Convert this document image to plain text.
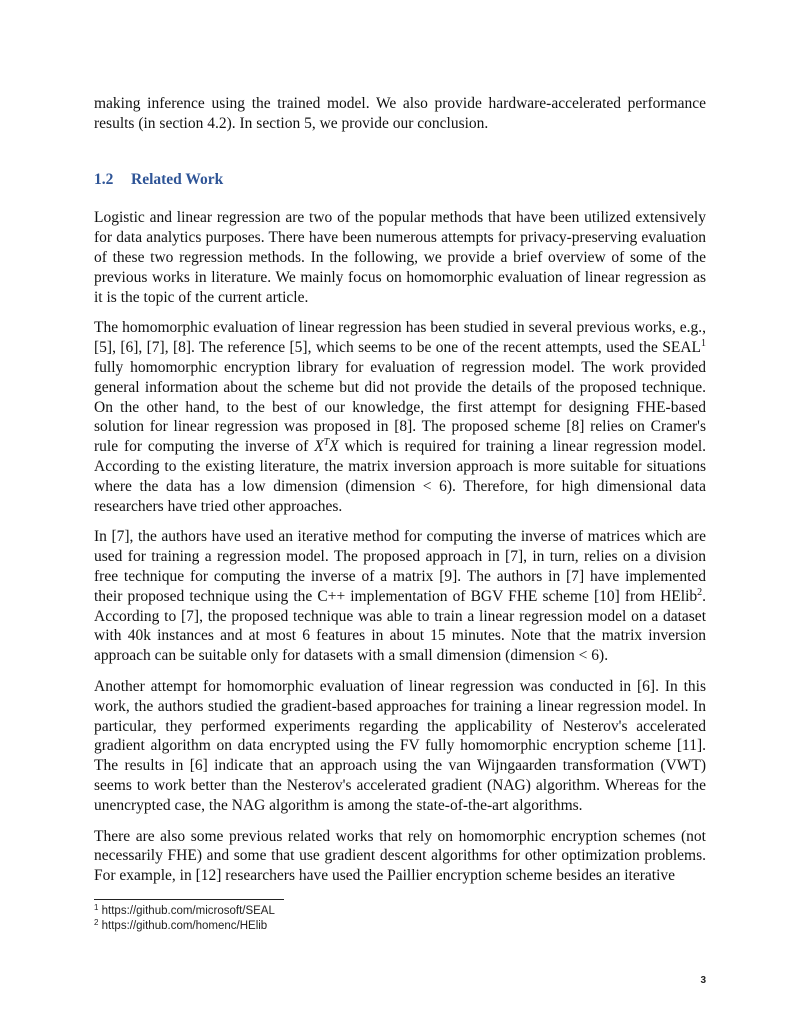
making inference using the trained model. We also provide hardware-accelerated performance results (in section 4.2). In section 5, we provide our conclusion.

1.2 Related Work

Logistic and linear regression are two of the popular methods that have been utilized extensively for data analytics purposes. There have been numerous attempts for privacy-preserving evaluation of these two regression methods. In the following, we provide a brief overview of some of the previous works in literature. We mainly focus on homomorphic evaluation of linear regression as it is the topic of the current article.

The homomorphic evaluation of linear regression has been studied in several previous works, e.g., [5], [6], [7], [8]. The reference [5], which seems to be one of the recent attempts, used the SEAL$^1$ fully homomorphic encryption library for evaluation of regression model. The work provided general information about the scheme but did not provide the details of the proposed technique. On the other hand, to the best of our knowledge, the first attempt for designing FHE-based solution for linear regression was proposed in [8]. The proposed scheme [8] relies on Cramer's rule for computing the inverse of $X^TX$ which is required for training a linear regression model. According to the existing literature, the matrix inversion approach is more suitable for situations where the data has a low dimension (dimension < 6). Therefore, for high dimensional data researchers have tried other approaches.

In [7], the authors have used an iterative method for computing the inverse of matrices which are used for training a regression model. The proposed approach in [7], in turn, relies on a division free technique for computing the inverse of a matrix [9]. The authors in [7] have implemented their proposed technique using the C++ implementation of BGV FHE scheme [10] from HElib$^2$. According to [7], the proposed technique was able to train a linear regression model on a dataset with 40k instances and at most 6 features in about 15 minutes. Note that the matrix inversion approach can be suitable only for datasets with a small dimension (dimension < 6).

Another attempt for homomorphic evaluation of linear regression was conducted in [6]. In this work, the authors studied the gradient-based approaches for training a linear regression model. In particular, they performed experiments regarding the applicability of Nesterov's accelerated gradient algorithm on data encrypted using the FV fully homomorphic encryption scheme [11]. The results in [6] indicate that an approach using the van Wijngaarden transformation (VWT) seems to work better than the Nesterov's accelerated gradient (NAG) algorithm. Whereas for the unencrypted case, the NAG algorithm is among the state-of-the-art algorithms.

There are also some previous related works that rely on homomorphic encryption schemes (not necessarily FHE) and some that use gradient descent algorithms for other optimization problems. For example, in [12] researchers have used the Paillier encryption scheme besides an iterative

$^1$ https://github.com/microsoft/SEAL
$^2$ https://github.com/homenc/HElib
3
